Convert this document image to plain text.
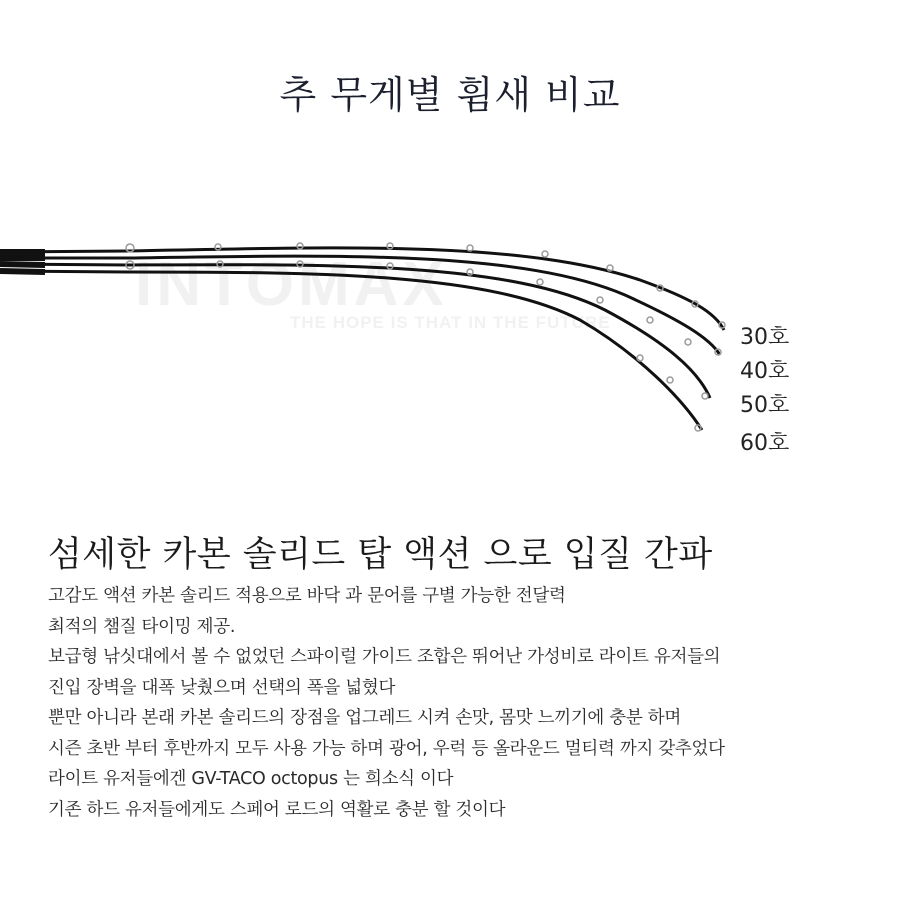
추 무게별 휨새 비교
INTOMAX
THE HOPE IS THAT IN THE FUTURE
30호
40호
50호
60호
섬세한 카본 솔리드 탑 액션 으로 입질 간파
고감도 액션 카본 솔리드 적용으로 바닥 과 문어를 구별 가능한 전달력
최적의 챔질 타이밍 제공.
보급형 낚싯대에서 볼 수 없었던 스파이럴 가이드 조합은 뛰어난 가성비로 라이트 유저들의
진입 장벽을 대폭 낮췄으며 선택의 폭을 넓혔다
뿐만 아니라 본래 카본 솔리드의 장점을 업그레드 시켜 손맛, 몸맛 느끼기에 충분 하며
시즌 초반 부터 후반까지 모두 사용 가능 하며 광어, 우럭 등 올라운드 멀티력 까지 갖추었다
라이트 유저들에겐 GV-TACO octopus 는 희소식 이다
기존 하드 유저들에게도 스페어 로드의 역활로 충분 할 것이다
